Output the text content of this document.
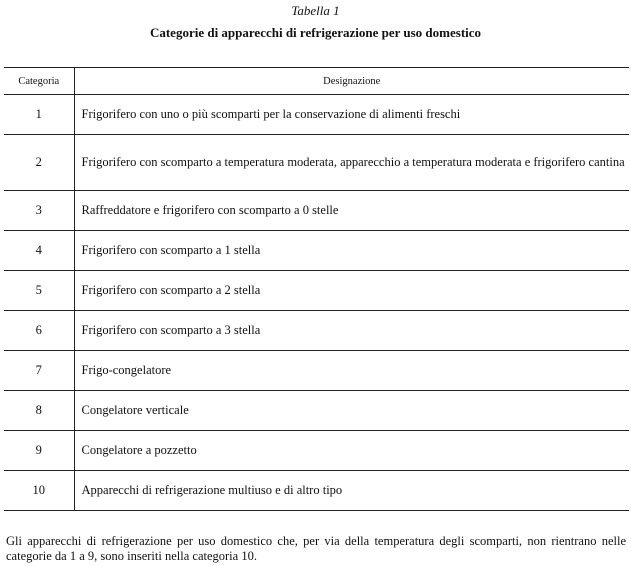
Tabella 1
Categorie di apparecchi di refrigerazione per uso domestico
Categoria	Designazione
1	Frigorifero con uno o più scomparti per la conservazione di alimenti freschi
2	Frigorifero con scomparto a temperatura moderata, apparecchio a temperatura moderata e frigorifero cantina
3	Raffreddatore e frigorifero con scomparto a 0 stelle
4	Frigorifero con scomparto a 1 stella
5	Frigorifero con scomparto a 2 stella
6	Frigorifero con scomparto a 3 stella
7	Frigo-congelatore
8	Congelatore verticale
9	Congelatore a pozzetto
10	Apparecchi di refrigerazione multiuso e di altro tipo
Gli apparecchi di refrigerazione per uso domestico che, per via della temperatura degli scomparti, non rientrano nelle categorie da 1 a 9, sono inseriti nella categoria 10.
